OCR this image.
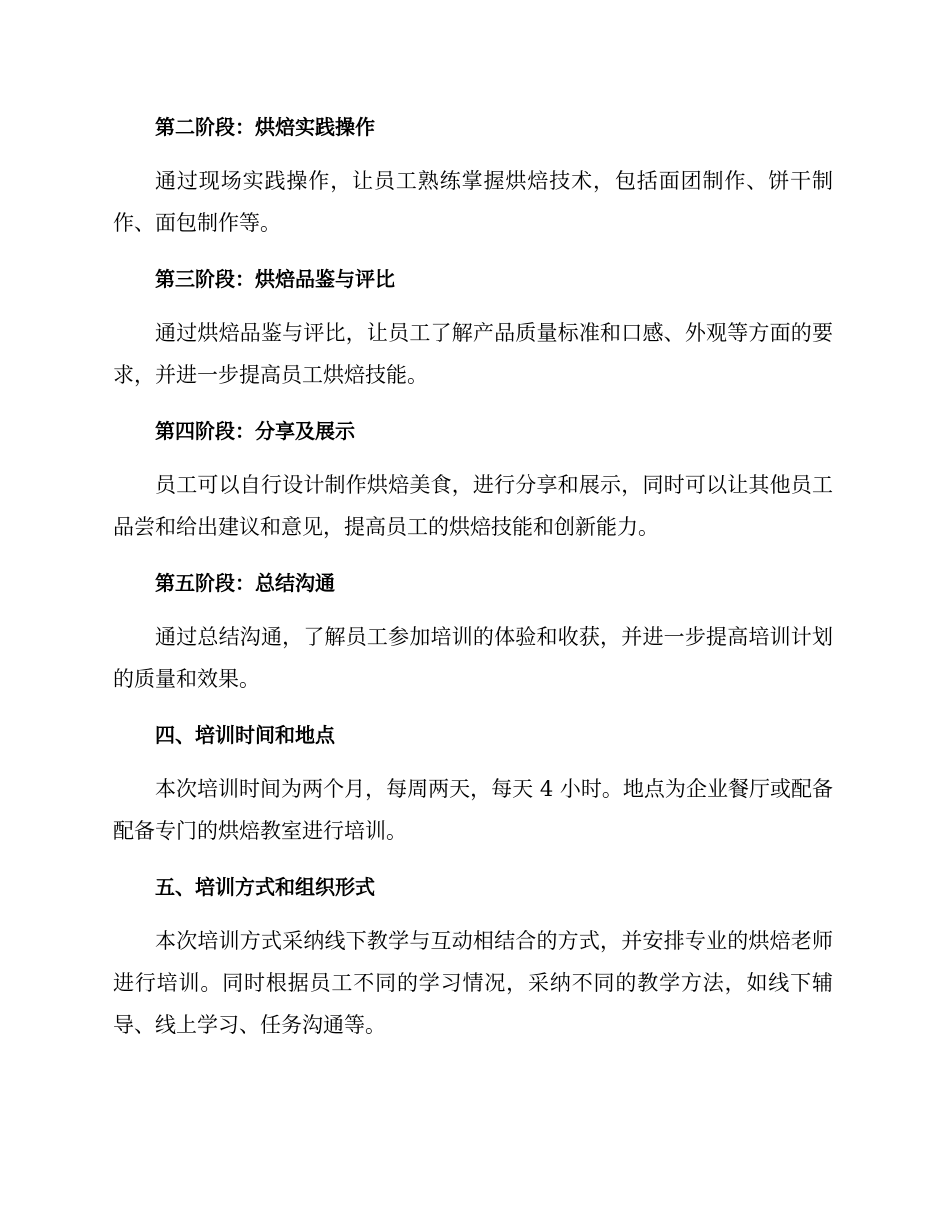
第二阶段：烘焙实践操作

通过现场实践操作，让员工熟练掌握烘焙技术，包括面团制作、饼干制作、面包制作等。

第三阶段：烘焙品鉴与评比

通过烘焙品鉴与评比，让员工了解产品质量标准和口感、外观等方面的要求，并进一步提高员工烘焙技能。

第四阶段：分享及展示

员工可以自行设计制作烘焙美食，进行分享和展示，同时可以让其他员工品尝和给出建议和意见，提高员工的烘焙技能和创新能力。

第五阶段：总结沟通

通过总结沟通，了解员工参加培训的体验和收获，并进一步提高培训计划的质量和效果。

四、培训时间和地点

本次培训时间为两个月，每周两天，每天 4 小时。地点为企业餐厅或配备配备专门的烘焙教室进行培训。

五、培训方式和组织形式

本次培训方式采纳线下教学与互动相结合的方式，并安排专业的烘焙老师进行培训。同时根据员工不同的学习情况，采纳不同的教学方法，如线下辅导、线上学习、任务沟通等。
